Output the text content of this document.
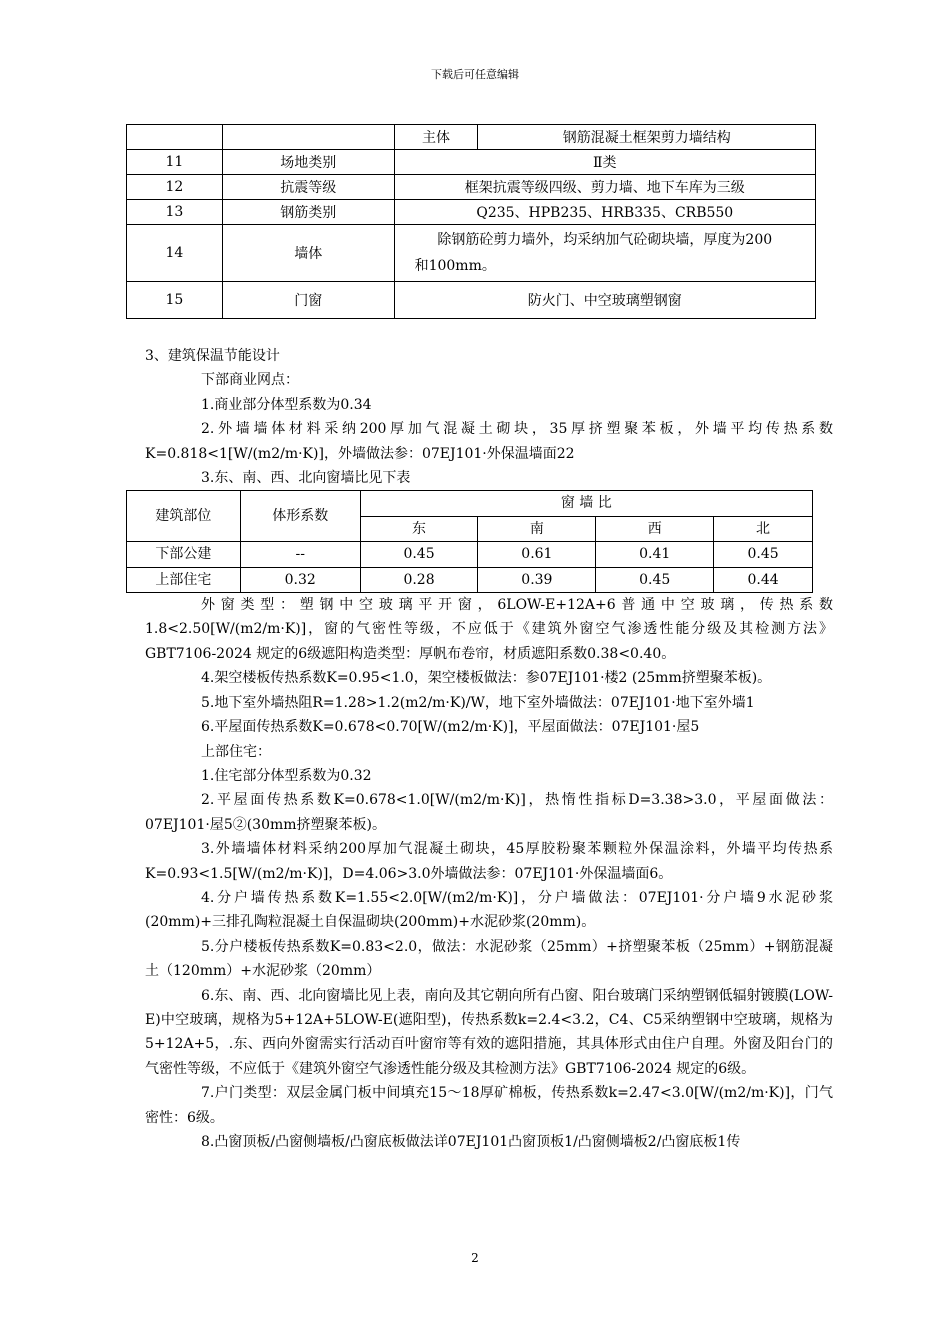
下载后可任意编辑
		主体	钢筋混凝土框架剪力墙结构
11	场地类别	Ⅱ类	
12	抗震等级	框架抗震等级四级、剪力墙、地下车库为三级	
13	钢筋类别	Q235、HPB235、HRB335、CRB550	
14	墙体	除钢筋砼剪力墙外，均采纳加气砼砌块墙，厚度为200
和100mm。	

15	门窗	防火门、中空玻璃塑钢窗	

3、建筑保温节能设计

下部商业网点：

1.商业部分体型系数为0.34

2.外墙墙体材料采纳200厚加气混凝土砌块，35厚挤塑聚苯板，外墙平均传热系数K=0.818<1[W/(m2/m·K)]，外墙做法参：07EJ101·外保温墙面22

3.东、南、西、北向窗墙比见下表

建筑部位	体形系数	窗 墙 比			
		东	南	西	北
下部公建	--	0.45	0.61	0.41	0.45
上部住宅	0.32	0.28	0.39	0.45	0.44

外窗类型：塑钢中空玻璃平开窗，6LOW-E+12A+6普通中空玻璃，传热系数1.8<2.50[W/(m2/m·K)]，窗的气密性等级，不应低于《建筑外窗空气渗透性能分级及其检测方法》GBT7106-2024 规定的6级遮阳构造类型：厚帆布卷帘，材质遮阳系数0.38<0.40。

4.架空楼板传热系数K=0.95<1.0，架空楼板做法：参07EJ101·楼2 (25mm挤塑聚苯板)。

5.地下室外墙热阻R=1.28>1.2(m2/m·K)/W，地下室外墙做法：07EJ101·地下室外墙1

6.平屋面传热系数K=0.678<0.70[W/(m2/m·K)]，平屋面做法：07EJ101·屋5

上部住宅：

1.住宅部分体型系数为0.32

2.平屋面传热系数K=0.678<1.0[W/(m2/m·K)]，热惰性指标D=3.38>3.0，平屋面做法：07EJ101·屋5②(30mm挤塑聚苯板)。

3.外墙墙体材料采纳200厚加气混凝土砌块，45厚胶粉聚苯颗粒外保温涂料，外墙平均传热系K=0.93<1.5[W/(m2/m·K)]，D=4.06>3.0外墙做法参：07EJ101·外保温墙面6。

4.分户墙传热系数K=1.55<2.0[W/(m2/m·K)]，分户墙做法：07EJ101·分户墙9水泥砂浆(20mm)+三排孔陶粒混凝土自保温砌块(200mm)+水泥砂浆(20mm)。

5.分户楼板传热系数K=0.83<2.0，做法：水泥砂浆（25mm）+挤塑聚苯板（25mm）+钢筋混凝土（120mm）+水泥砂浆（20mm）

6.东、南、西、北向窗墙比见上表，南向及其它朝向所有凸窗、阳台玻璃门采纳塑钢低辐射镀膜(LOW-E)中空玻璃，规格为5+12A+5LOW-E(遮阳型)，传热系数k=2.4<3.2，C4、C5采纳塑钢中空玻璃，规格为5+12A+5，.东、西向外窗需实行活动百叶窗帘等有效的遮阳措施，其具体形式由住户自理。外窗及阳台门的气密性等级，不应低于《建筑外窗空气渗透性能分级及其检测方法》GBT7106-2024 规定的6级。

7.户门类型：双层金属门板中间填充15～18厚矿棉板，传热系数k=2.47<3.0[W/(m2/m·K)]，门气密性：6级。

8.凸窗顶板/凸窗侧墙板/凸窗底板做法详07EJ101凸窗顶板1/凸窗侧墙板2/凸窗底板1传

2
